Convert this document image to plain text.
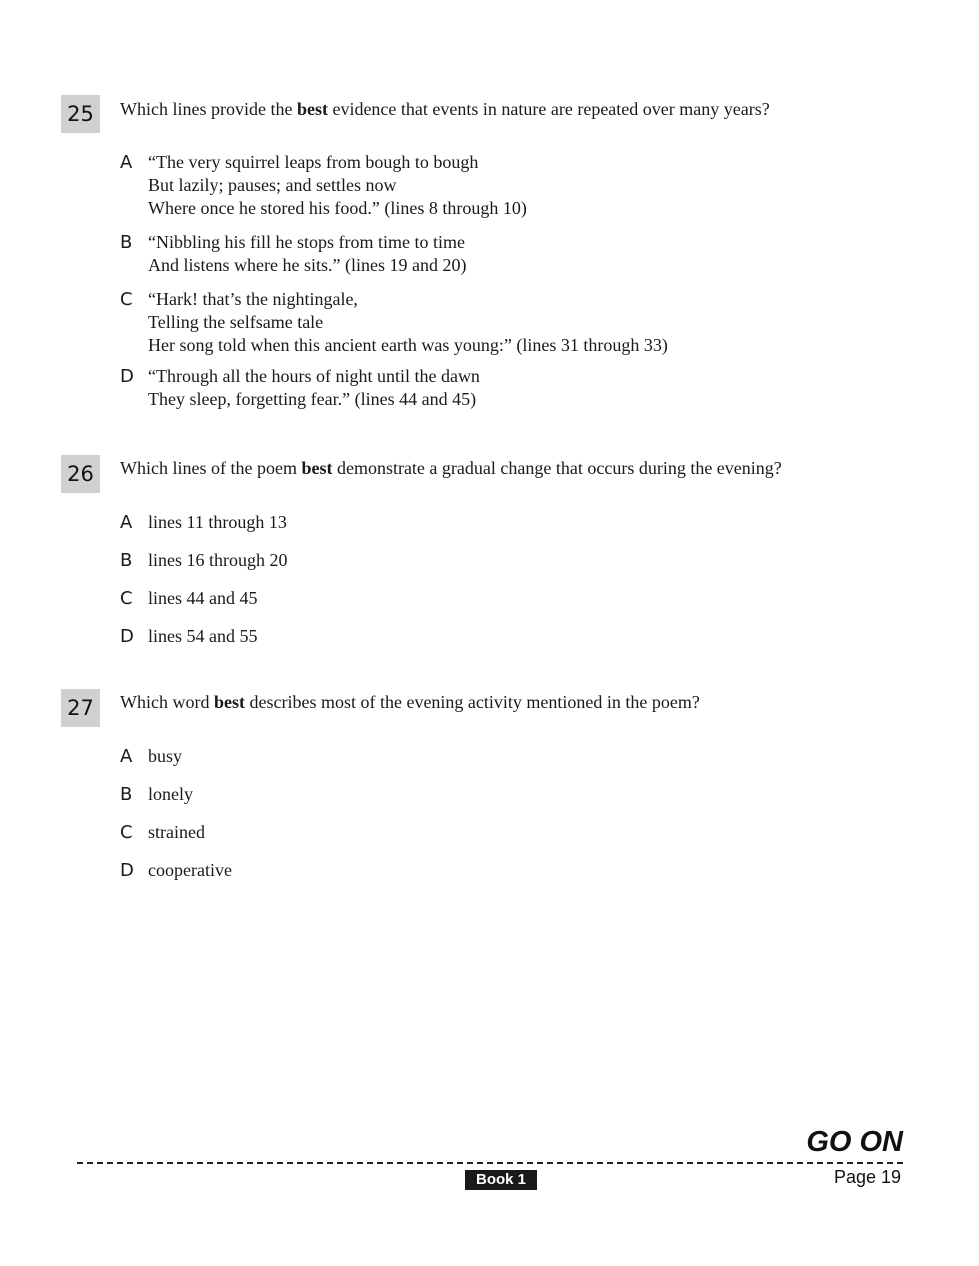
25	Which lines provide the best evidence that events in nature are repeated over many years?
A “The very squirrel leaps from bough to bough
But lazily; pauses; and settles now
Where once he stored his food.” (lines 8 through 10)
B “Nibbling his fill he stops from time to time
And listens where he sits.” (lines 19 and 20)
C “Hark! that’s the nightingale,
Telling the selfsame tale
Her song told when this ancient earth was young:” (lines 31 through 33)
D “Through all the hours of night until the dawn
They sleep, forgetting fear.” (lines 44 and 45)
26	Which lines of the poem best demonstrate a gradual change that occurs during the evening?
A lines 11 through 13
B lines 16 through 20
C lines 44 and 45
D lines 54 and 55
27	Which word best describes most of the evening activity mentioned in the poem?
A busy
B lonely
C strained
D cooperative
GO ON
Book 1	Page 19
